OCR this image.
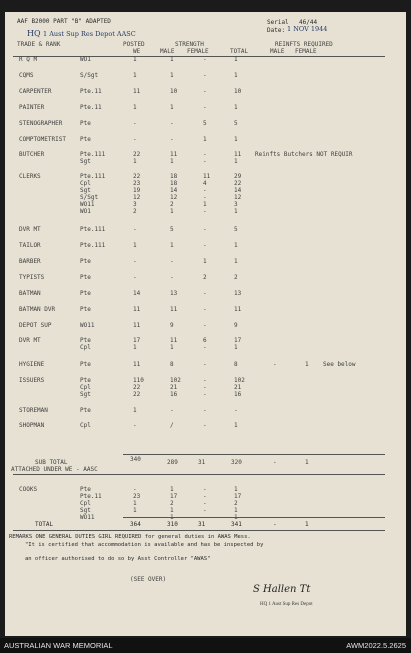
AAF B2000 PART "B" ADAPTED
HQ 1 Aust Sup Res Depot AASC
Serial 46/44
Date: 1 NOV 1944
TRADE & RANK	POSTED
WE
STRENGTH
MALE FEMALE	TOTAL
REINFTS REQUIRED
MALE FEMALE
R Q M	WO1	1	1	-	1
CQMS	S/Sgt	1	1	-	1
CARPENTER	Pte.11	11	10	-	10
PAINTER	Pte.11	1	1	-	1
STENOGRAPHER	Pte	-	-	5	5
COMPTOMETRIST Pte	-	-	1	1
BUTCHER	Pte.111	22	11	-	11 Reinfts Butchers NOT REQUIR
Sgt	1	1	-	1
CLERKS	Pte.111	22	18	11	29
Cpl	23	18	4	22
Sgt	19	14	-	14
S/Sgt	12	12	-	12
WO11	3	2	1	3
WO1	2	1	-	1
DVR MT	Pte.111	-	5	-	5
TAILOR	Pte.111	1	1	-	1
BARBER	Pte	-	-	1	1
TYPISTS	Pte	-	-	2	2
BATMAN	Pte	14	13	-	13
BATMAN DVR	Pte	11	11	-	11
DEPOT SUP	WO11	11	9	-	9
DVR MT	Pte	17	11	6	17
Cpl	1	1	-	1
HYGIENE	Pte	11	8	-	8	-	1 See below
ISSUERS	Pte	110	102	-	102
Cpl	22	21	-	21
Sgt	22	16	-	16
STOREMAN	Pte	1	-	-	-
SHOPMAN	Cpl	-	/	-	1
SUB TOTAL	340	289	31	320	-	1
ATTACHED UNDER WE - AASC
COOKS	Pte	-	1	-	1
Pte.11	23	17	-	17
Cpl	1	2	-	2
Sgt	1	1	-	1
WO11	-	1	-	1
TOTAL	364	310	31	341	-	1
REMARKS ONE GENERAL DUTIES GIRL REQUIRED for general duties in AWAS Mess.
"It is certified that accommodation is available and has be inspected by
an officer authorised to do so by Asst Controller "AWAS"
(SEE OVER)
S Hallen Tt
HQ 1 Aust Sup Res Depot
AUSTRALIAN WAR MEMORIAL	AWM2022.5.2625
